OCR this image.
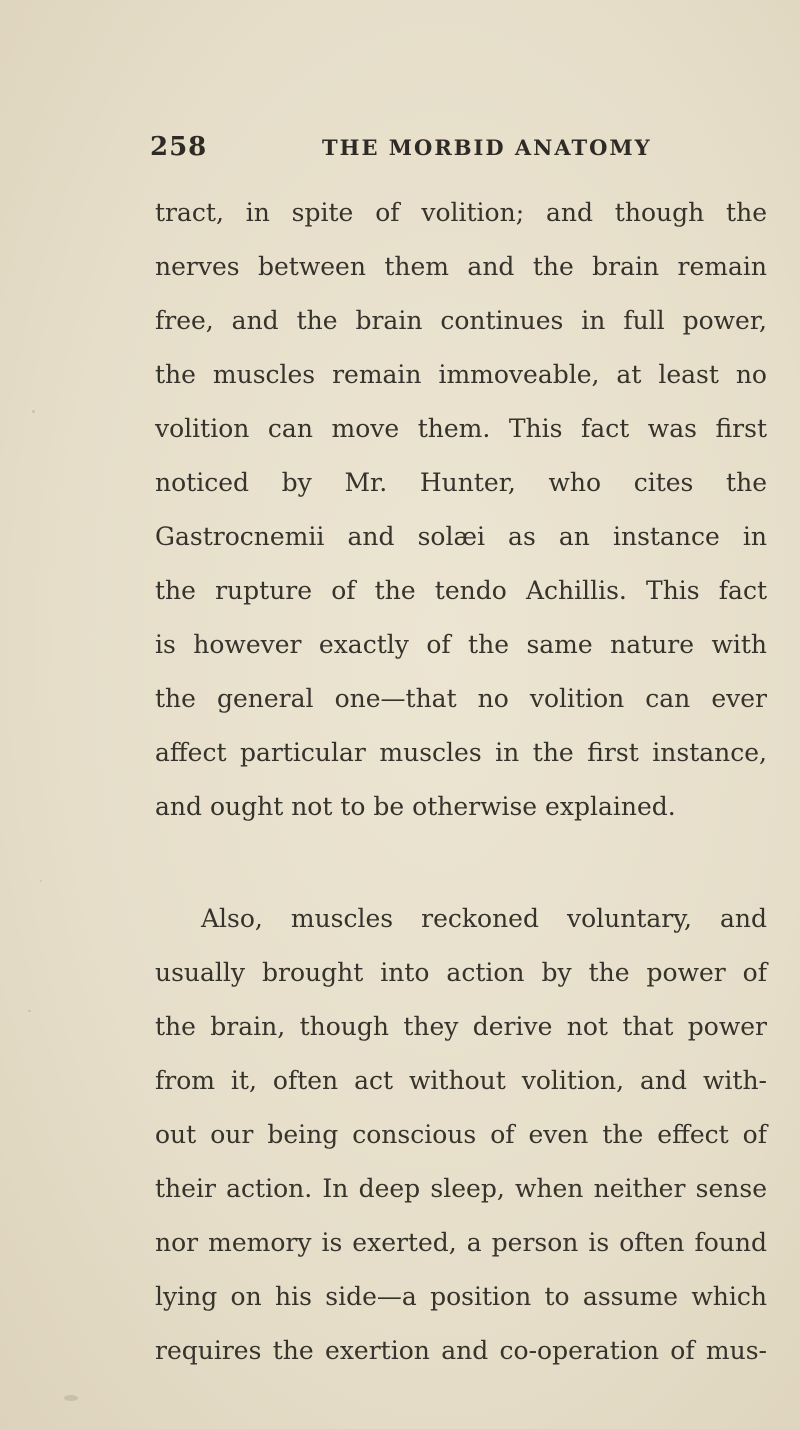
258	THE MORBID ANATOMY
tract, in spite of volition; and though the
nerves between them and the brain remain
free, and the brain continues in full power,
the muscles remain immoveable, at least no
volition can move them. This fact was first
noticed by Mr. Hunter, who cites the
Gastrocnemii and solæi as an instance in
the rupture of the tendo Achillis. This fact
is however exactly of the same nature with
the general one—that no volition can ever
affect particular muscles in the first instance,
and ought not to be otherwise explained.
Also, muscles reckoned voluntary, and
usually brought into action by the power of
the brain, though they derive not that power
from it, often act without volition, and with-
out our being conscious of even the effect of
their action. In deep sleep, when neither sense
nor memory is exerted, a person is often found
lying on his side—a position to assume which
requires the exertion and co-operation of mus-
